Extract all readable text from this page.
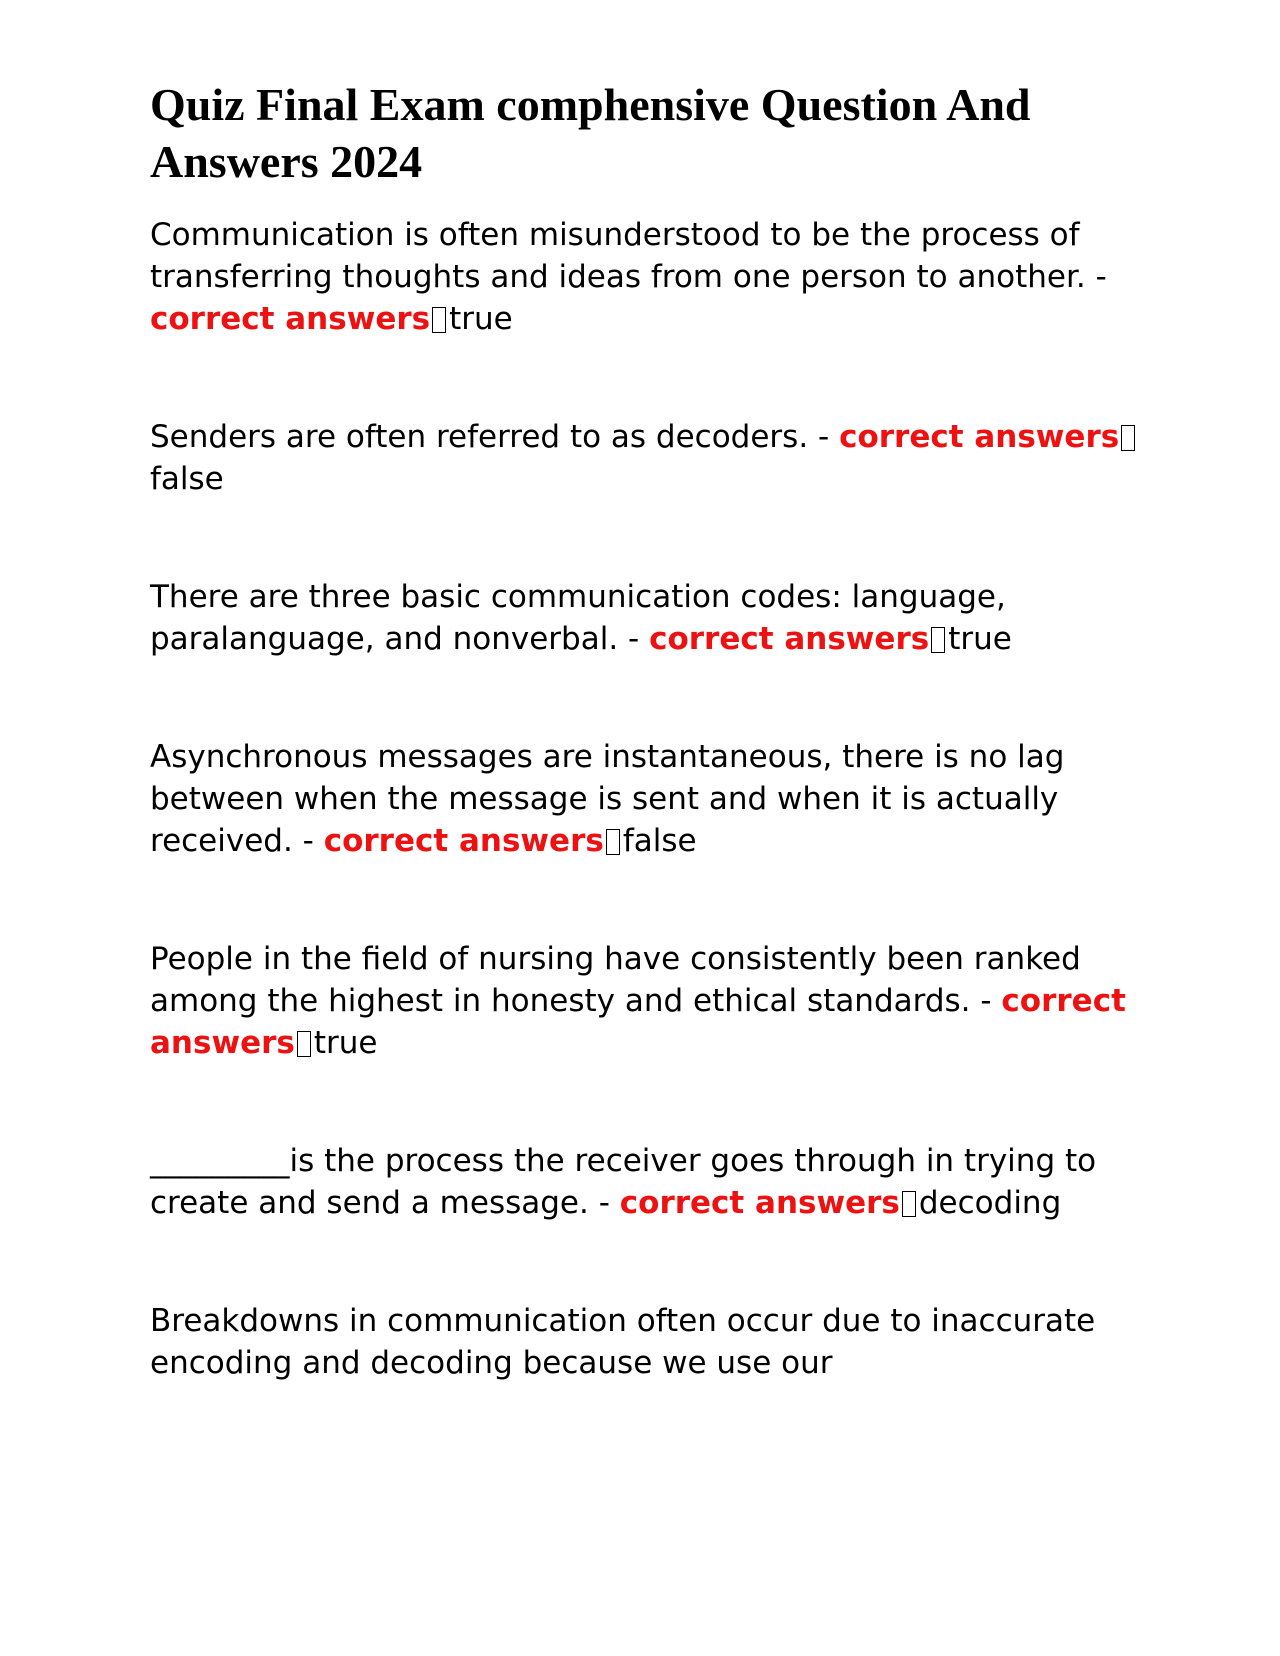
Quiz Final Exam comphensive Question And Answers 2024

Communication is often misunderstood to be the process of transferring thoughts and ideas from one person to another. - correct answers true

Senders are often referred to as decoders. - correct answersfalse

There are three basic communication codes: language, paralanguage, and nonverbal. - correct answers true

Asynchronous messages are instantaneous, there is no lag between when the message is sent and when it is actually received. - correct answers false

People in the field of nursing have consistently been ranked among the highest in honesty and ethical standards. - correct answers true

_________is the process the receiver goes through in trying to create and send a message. - correct answers decoding

Breakdowns in communication often occur due to inaccurate encoding and decoding because we use our
